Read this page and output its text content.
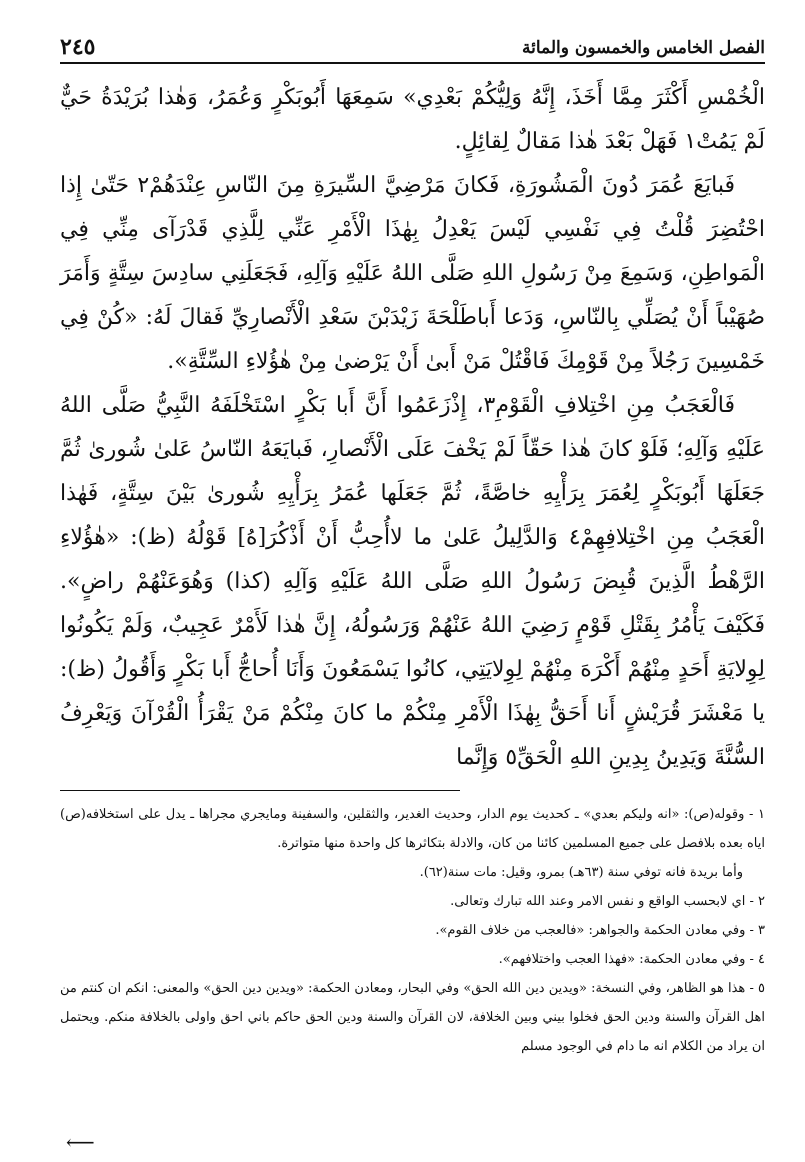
الفصل الخامس والخمسون والمائة
٢٤٥

الْخُمْسِ أَكْثَرَ مِمَّا أَخَذَ، إِنَّهُ وَلِيُّكُمْ بَعْدِي» سَمِعَهَا أَبُوبَكْرٍ وَعُمَرُ، وَهٰذا بُرَيْدَةُ حَيٌّ لَمْ يَمُتْ١ فَهَلْ بَعْدَ هٰذا مَقالٌ لِقائِلٍ.

فَبايَعَ عُمَرَ دُونَ الْمَشُورَةِ، فَكانَ مَرْضِيَّ السِّيرَةِ مِنَ النّاسِ عِنْدَهُمْ٢ حَتّىٰ إِذا احْتُضِرَ قُلْتُ فِي نَفْسِي لَيْسَ يَعْدِلُ بِهٰذَا الْأَمْرِ عَنِّي لِلَّذِي قَدْرَآى مِنِّي فِي الْمَواطِنِ، وَسَمِعَ مِنْ رَسُولِ اللهِ صَلَّى اللهُ عَلَيْهِ وَآلِهِ، فَجَعَلَنِي سادِسَ سِتَّةٍ وَأَمَرَ صُهَيْباً أَنْ يُصَلِّي بِالنّاسِ، وَدَعا أَباطَلْحَةَ زَيْدَبْنَ سَعْدِ الْأَنْصارِيِّ فَقالَ لَهُ: «كُنْ فِي خَمْسِينَ رَجُلاً مِنْ قَوْمِكَ فَاقْتُلْ مَنْ أَبىٰ أَنْ يَرْضىٰ مِنْ هٰؤُلاءِ السِّتَّةِ».

فَالْعَجَبُ مِنِ اخْتِلافِ الْقَوْمِ٣، إِذْزَعَمُوا أَنَّ أَبا بَكْرٍ اسْتَخْلَفَهُ النَّبِيُّ صَلَّى اللهُ عَلَيْهِ وَآلِهِ؛ فَلَوْ كانَ هٰذا حَقّاً لَمْ يَخْفَ عَلَى الْأَنْصارِ، فَبايَعَهُ النّاسُ عَلىٰ شُورىٰ ثُمَّ جَعَلَهَا أَبُوبَكْرٍ لِعُمَرَ بِرَأْيِهِ خاصَّةً، ثُمَّ جَعَلَها عُمَرُ بِرَأْيِهِ شُورىٰ بَيْنَ سِتَّةٍ، فَهٰذا الْعَجَبُ مِنِ اخْتِلافِهِمْ٤ وَالدَّلِيلُ عَلىٰ ما لاأُحِبُّ أَنْ أَذْكُرَ[هُ] قَوْلُهُ (ظ): «هٰؤُلاءِ الرَّهْطُ الَّذِينَ قُبِضَ رَسُولُ اللهِ صَلَّى اللهُ عَلَيْهِ وَآلِهِ (كذا) وَهُوَعَنْهُمْ راضٍ». فَكَيْفَ يَأْمُرُ بِقَتْلِ قَوْمٍ رَضِيَ اللهُ عَنْهُمْ وَرَسُولُهُ، إِنَّ هٰذا لَأَمْرٌ عَجِيبٌ، وَلَمْ يَكُونُوا لِوِلايَةِ أَحَدٍ مِنْهُمْ أَكْرَهَ مِنْهُمْ لِوِلايَتِي، كانُوا يَسْمَعُونَ وَأَنَا أُحاجُّ أَبا بَكْرٍ وَأَقُولُ (ظ): يا مَعْشَرَ قُرَيْشٍ أَنا أَحَقُّ بِهٰذَا الْأَمْرِ مِنْكُمْ ما كانَ مِنْكُمْ مَنْ يَقْرَأُ الْقُرْآنَ وَيَعْرِفُ السُّنَّةَ وَيَدِينُ بِدِينِ اللهِ الْحَقِّ٥ وَإِنَّما

١ - وقوله(ص): «انه وليكم بعدي» ـ كحديث يوم الدار، وحديث الغدير، والثقلين، والسفينة ومايجري مجراها ـ يدل على استخلافه(ص) اياه بعده بلافصل على جميع المسلمين كائنا من كان، والادلة بتكاثرها كل واحدة منها متواترة.

وأما بريدة فانه توفي سنة (٦٣هـ) بمرو، وقيل: مات سنة(٦٢).

٢ - اي لابحسب الواقع و نفس الامر وعند الله تبارك وتعالى.

٣ - وفي معادن الحكمة والجواهر: «فالعجب من خلاف القوم».

٤ - وفي معادن الحكمة: «فهذا العجب واختلافهم».

٥ - هذا هو الظاهر، وفي النسخة: «ويدين دين الله الحق» وفي البحار، ومعادن الحكمة: «ويدين دين الحق» والمعنى: انكم ان كنتم من اهل القرآن والسنة ودين الحق فخلوا بيني وبين الخلافة، لان القرآن والسنة ودين الحق حاكم باني احق واولى بالخلافة منكم. ويحتمل ان يراد من الكلام انه ما دام في الوجود مسلم

⟵
